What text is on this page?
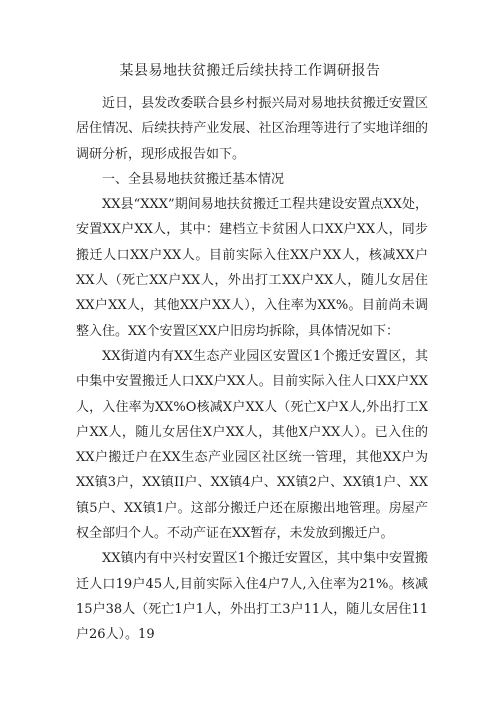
某县易地扶贫搬迁后续扶持工作调研报告

近日，县发改委联合县乡村振兴局对易地扶贫搬迁安置区居住情况、后续扶持产业发展、社区治理等进行了实地详细的调研分析，现形成报告如下。

一、全县易地扶贫搬迁基本情况

XX县“XXX”期间易地扶贫搬迁工程共建设安置点XX处，安置XX户XX人，其中：建档立卡贫困人口XX户XX人，同步搬迁人口XX户XX人。目前实际入住XX户XX人，核减XX户XX人（死亡XX户XX人，外出打工XX户XX人，随儿女居住XX户XX人，其他XX户XX人），入住率为XX%。目前尚未调整入住。XX个安置区XX户旧房均拆除，具体情况如下：

XX街道内有XX生态产业园区安置区1个搬迁安置区，其中集中安置搬迁人口XX户XX人。目前实际入住人口XX户XX人，入住率为XX%O核减X户XX人（死亡X户X人,外出打工X户XX人，随儿女居住X户XX人，其他X户XX人）。已入住的XX户搬迁户在XX生态产业园区社区统一管理，其他XX户为XX镇3户，XX镇II户、XX镇4户、XX镇2户、XX镇1户、XX镇5户、XX镇1户。这部分搬迁户还在原搬出地管理。房屋产权全部归个人。不动产证在XX暂存，未发放到搬迁户。

XX镇内有中兴村安置区1个搬迁安置区，其中集中安置搬迁人口19户45人,目前实际入住4户7人,入住率为21%。核减15户38人（死亡1户1人，外出打工3户11人，随儿女居住11户26人）。19
